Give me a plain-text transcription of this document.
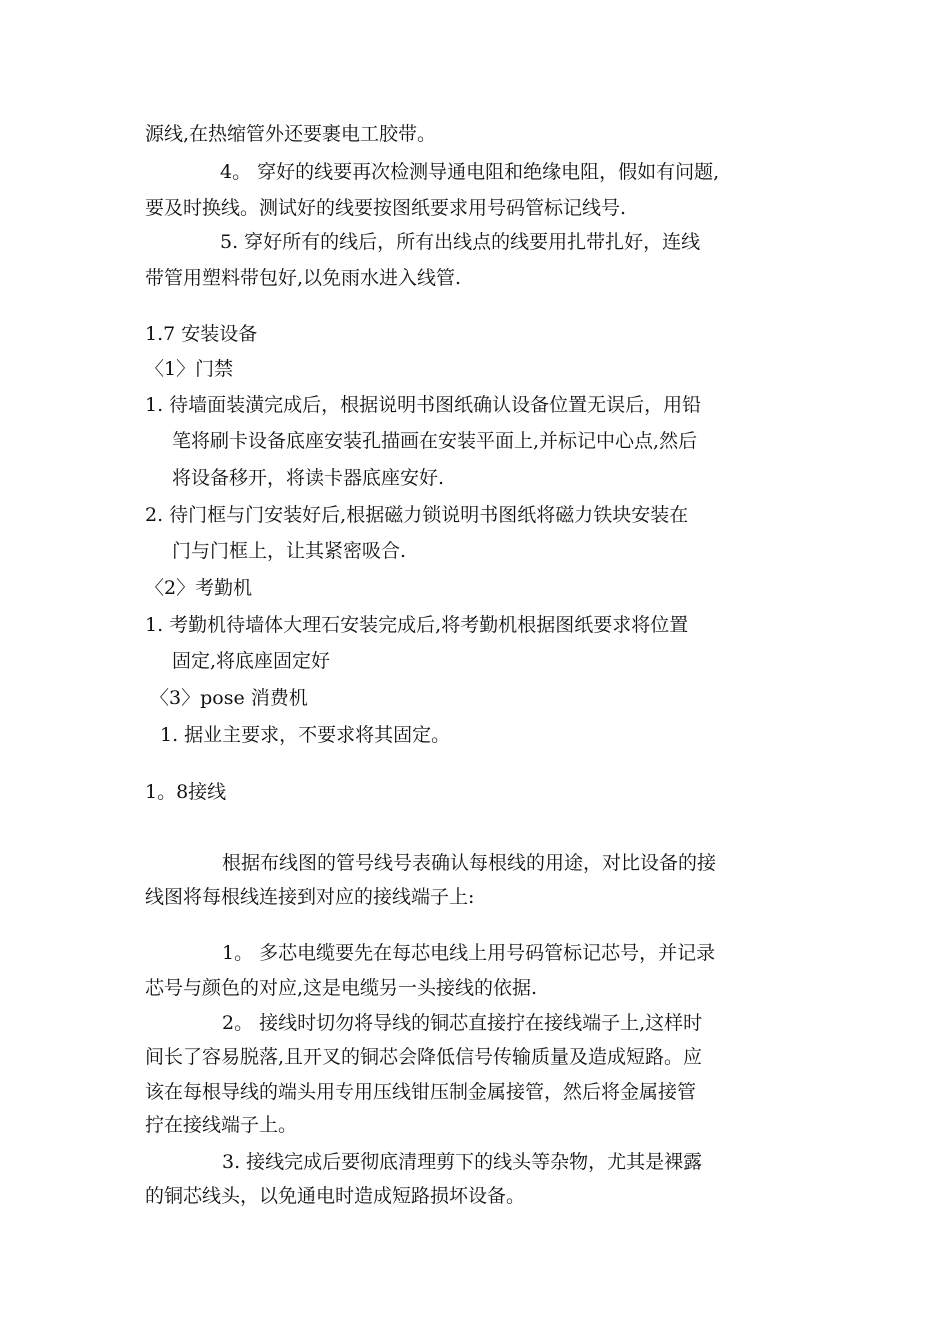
源线,在热缩管外还要裹电工胶带。
4。 穿好的线要再次检测导通电阻和绝缘电阻，假如有问题,
要及时换线。测试好的线要按图纸要求用号码管标记线号.
5. 穿好所有的线后，所有出线点的线要用扎带扎好，连线
带管用塑料带包好,以免雨水进入线管.
1.7 安装设备
〈1〉门禁
1. 待墙面装潢完成后，根据说明书图纸确认设备位置无误后，用铅
笔将刷卡设备底座安装孔描画在安装平面上,并标记中心点,然后
将设备移开，将读卡器底座安好.
2. 待门框与门安装好后,根据磁力锁说明书图纸将磁力铁块安装在
门与门框上，让其紧密吸合.
〈2〉考勤机
1. 考勤机待墙体大理石安装完成后,将考勤机根据图纸要求将位置
固定,将底座固定好
〈3〉pose 消费机
1. 据业主要求，不要求将其固定。
1。8接线
根据布线图的管号线号表确认每根线的用途，对比设备的接
线图将每根线连接到对应的接线端子上:
1。 多芯电缆要先在每芯电线上用号码管标记芯号，并记录
芯号与颜色的对应,这是电缆另一头接线的依据.
2。 接线时切勿将导线的铜芯直接拧在接线端子上,这样时
间长了容易脱落,且开叉的铜芯会降低信号传输质量及造成短路。应
该在每根导线的端头用专用压线钳压制金属接管，然后将金属接管
拧在接线端子上。
3. 接线完成后要彻底清理剪下的线头等杂物，尤其是裸露
的铜芯线头，以免通电时造成短路损坏设备。
